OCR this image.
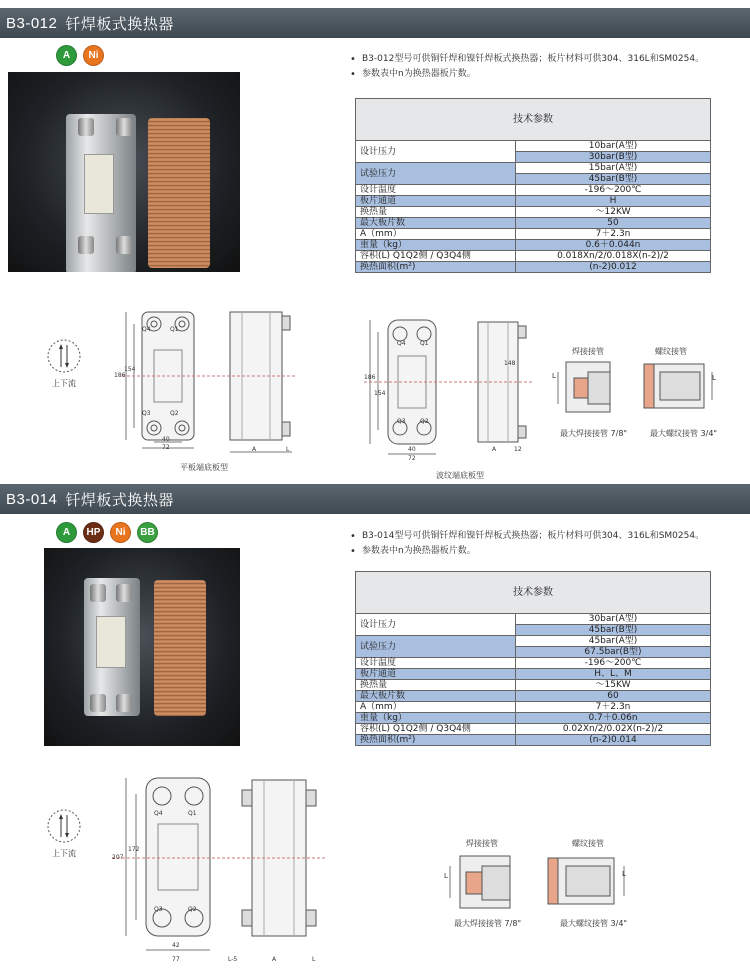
B3-012 钎焊板式换热器
A	Ni	• B3-012型号可供铜钎焊和镍钎焊板式换热器；板片材料可供304、316L和SM0254。
• 参数表中n为换热器板片数。
技术参数	
设计压力	10bar(A型)
	30bar(B型)
试验压力	15bar(A型)
	45bar(B型)
设计温度	-196～200℃
板片通道	H
换热量	～12KW
最大板片数	50
A（mm）	7＋2.3n
重量（kg）	0.6＋0.044n
容积(L) Q1Q2侧 / Q3Q4侧	0.018Xn/2/0.018X(n-2)/2
换热面积(m²)	(n-2)0.012
上下流
186
154
Q4	Q1
Q3	Q2
40
72	A	L
平板端底板型
186
154
148
Q4 Q1
Q3 Q2
40
72
A	12
波纹端底板型
焊接接管
L
最大焊接接管 7/8"
螺纹接管
L
最大螺纹接管 3/4"
B3-014 钎焊板式换热器
A	HP	Ni	BB	• B3-014型号可供铜钎焊和镍钎焊板式换热器；板片材料可供304、316L和SM0254。
• 参数表中n为换热器板片数。
技术参数	
设计压力	30bar(A型)
	45bar(B型)
试验压力	45bar(A型)
	67.5bar(B型)
设计温度	-196～200℃
板片通道	H、L、M
换热量	～15KW
最大板片数	60
A（mm）	7＋2.3n
重量（kg）	0.7＋0.06n
容积(L) Q1Q2侧 / Q3Q4侧	0.02Xn/2/0.02X(n-2)/2
换热面积(m²)	(n-2)0.014
上下流	207
172
Q4	Q1
Q3	Q2
42
77	L-5	A	L
焊接接管
L
最大焊接接管 7/8"
螺纹接管
L
最大螺纹接管 3/4"
